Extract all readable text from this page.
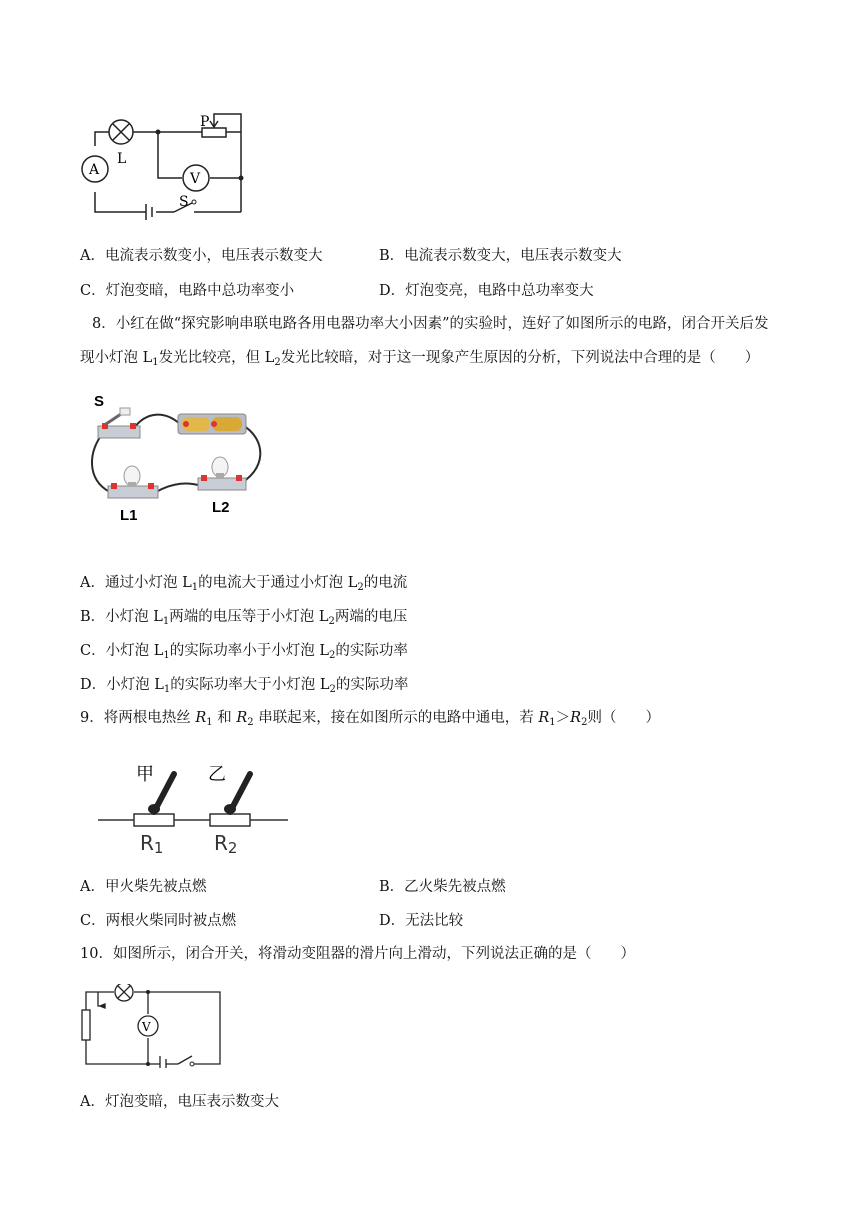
A
V
P
L
S
A．电流表示数变小，电压表示数变大	B．电流表示数变大，电压表示数变大
C．灯泡变暗，电路中总功率变小	D．灯泡变亮，电路中总功率变大
8．小红在做“探究影响串联电路各用电器功率大小因素”的实验时，连好了如图所示的电路，闭合开关后发
现小灯泡 $L_1$发光比较亮，但 $L_2$发光比较暗，对于这一现象产生原因的分析，下列说法中合理的是（　　）
S
L1	L2
A．通过小灯泡 $L_1$的电流大于通过小灯泡 $L_2$的电流
B．小灯泡 $L_1$两端的电压等于小灯泡 $L_2$两端的电压
C．小灯泡 $L_1$的实际功率小于小灯泡 $L_2$的实际功率
D．小灯泡 $L_1$的实际功率大于小灯泡 $L_2$的实际功率
9．将两根电热丝 $R_1$ 和 $R_2$ 串联起来，接在如图所示的电路中通电，若 $R_1>R_2$则（　　）
甲	乙
R1	R2
A．甲火柴先被点燃	B．乙火柴先被点燃
C．两根火柴同时被点燃	D．无法比较
10．如图所示，闭合开关，将滑动变阻器的滑片向上滑动，下列说法正确的是（　　）
V
A．灯泡变暗，电压表示数变大
